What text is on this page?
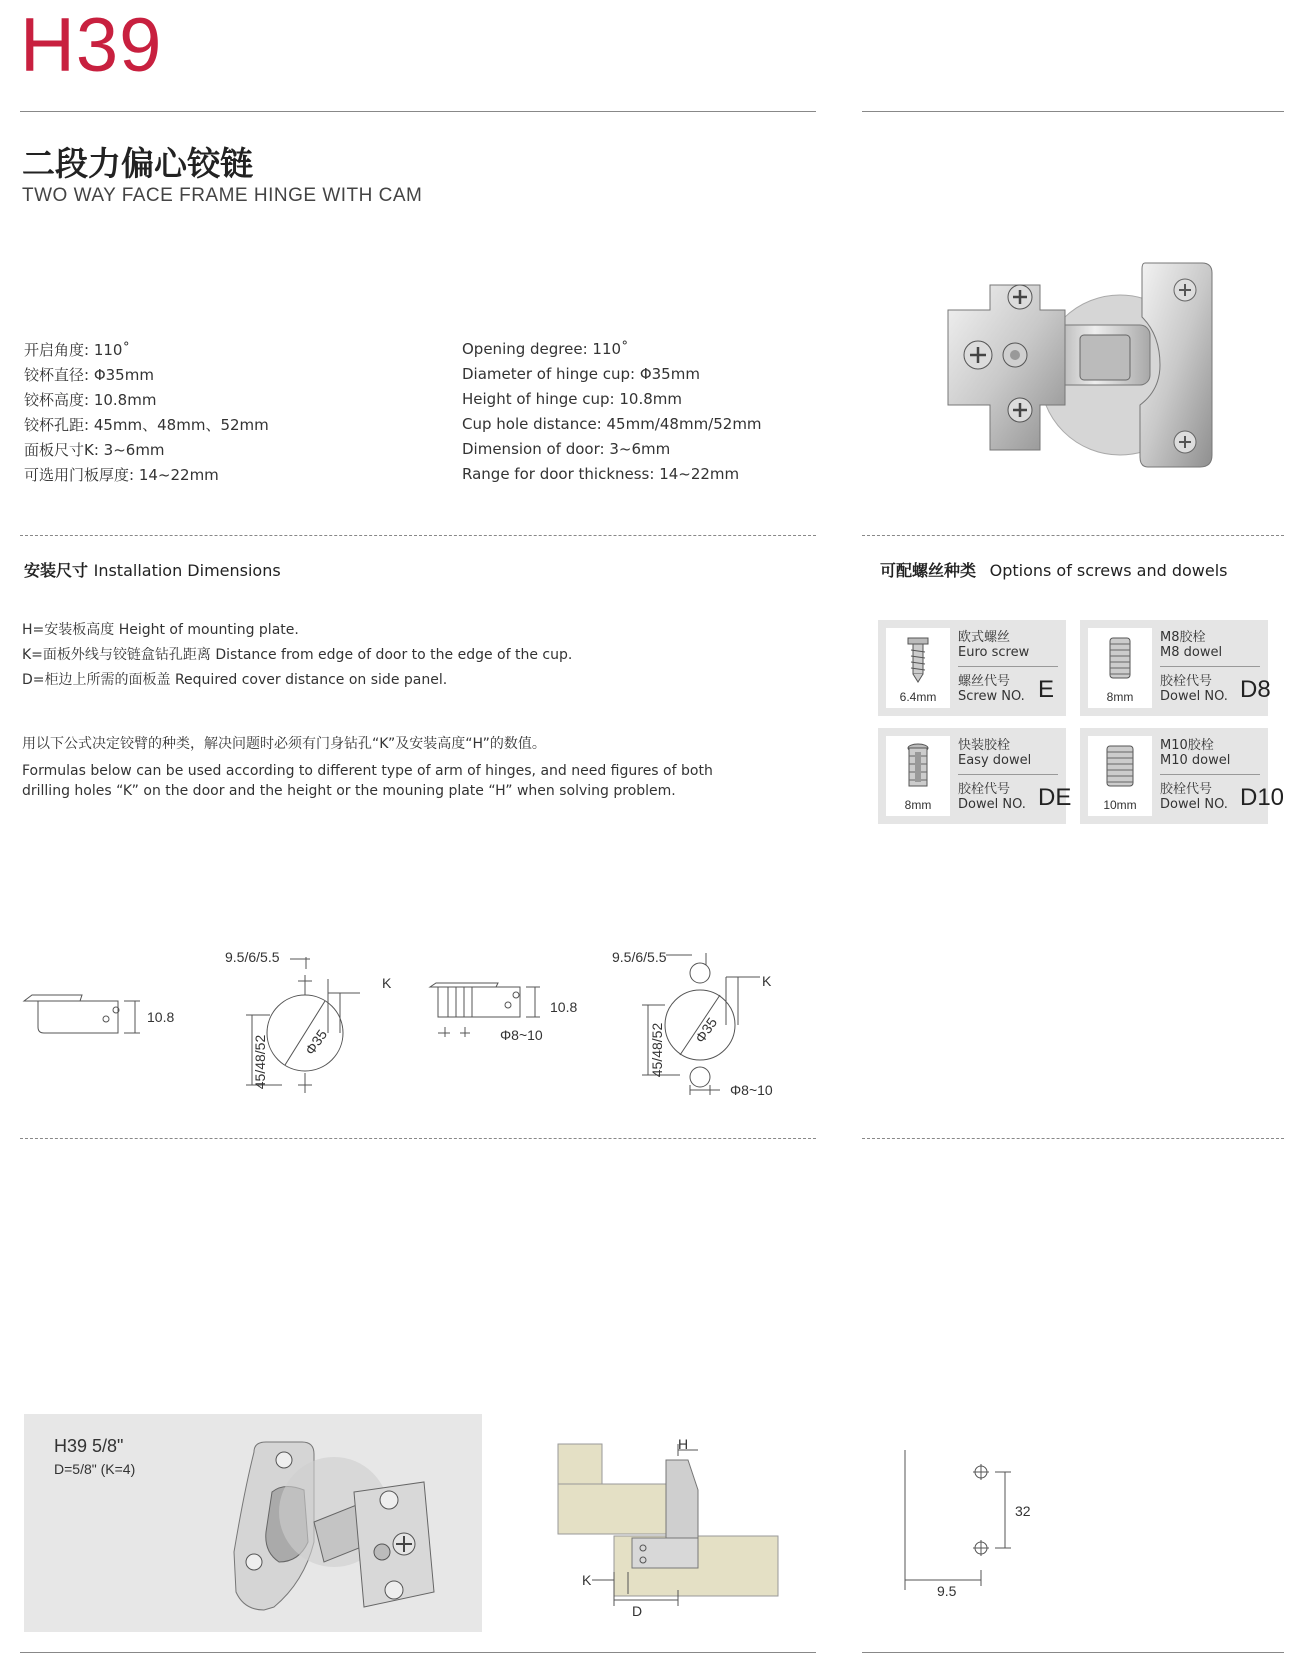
H39
二段力偏心铰链
TWO WAY FACE FRAME HINGE WITH CAM
开启角度: 110˚
铰杯直径: Φ35mm
铰杯高度: 10.8mm
铰杯孔距: 45mm、48mm、52mm
面板尺寸K: 3~6mm
可选用门板厚度: 14~22mm
Opening degree: 110˚
Diameter of hinge cup: Φ35mm
Height of hinge cup: 10.8mm
Cup hole distance: 45mm/48mm/52mm
Dimension of door: 3~6mm
Range for door thickness: 14~22mm
安装尺寸 Installation Dimensions
H=安装板高度 Height of mounting plate.
K=面板外线与铰链盒钻孔距离 Distance from edge of door to the edge of the cup.
D=柜边上所需的面板盖 Required cover distance on side panel.
用以下公式决定铰臂的种类，解决问题时必须有门身钻孔“K”及安装高度“H”的数值。
Formulas below can be used according to different type of arm of hinges, and need figures of both drilling holes “K” on the door and the height or the mouning plate “H” when solving problem.
可配螺丝种类 Options of screws and dowels
6.4mm
欧式螺丝
Euro screw
螺丝代号
Screw NO. E	8mm
M8胶栓
M8 dowel
胶栓代号
Dowel NO. D8
8mm
快装胶栓
Easy dowel
胶栓代号
Dowel NO. DE	10mm
M10胶栓
M10 dowel
胶栓代号
Dowel NO. D10
10.8
9.5/6/5.5
K
45/48/52 Φ35
10.8
Φ8~10
9.5/6/5.5
K
45/48/52 Φ35
Φ8~10
H39 5/8"
D=5/8" (K=4)
H
K
D
32
9.5
